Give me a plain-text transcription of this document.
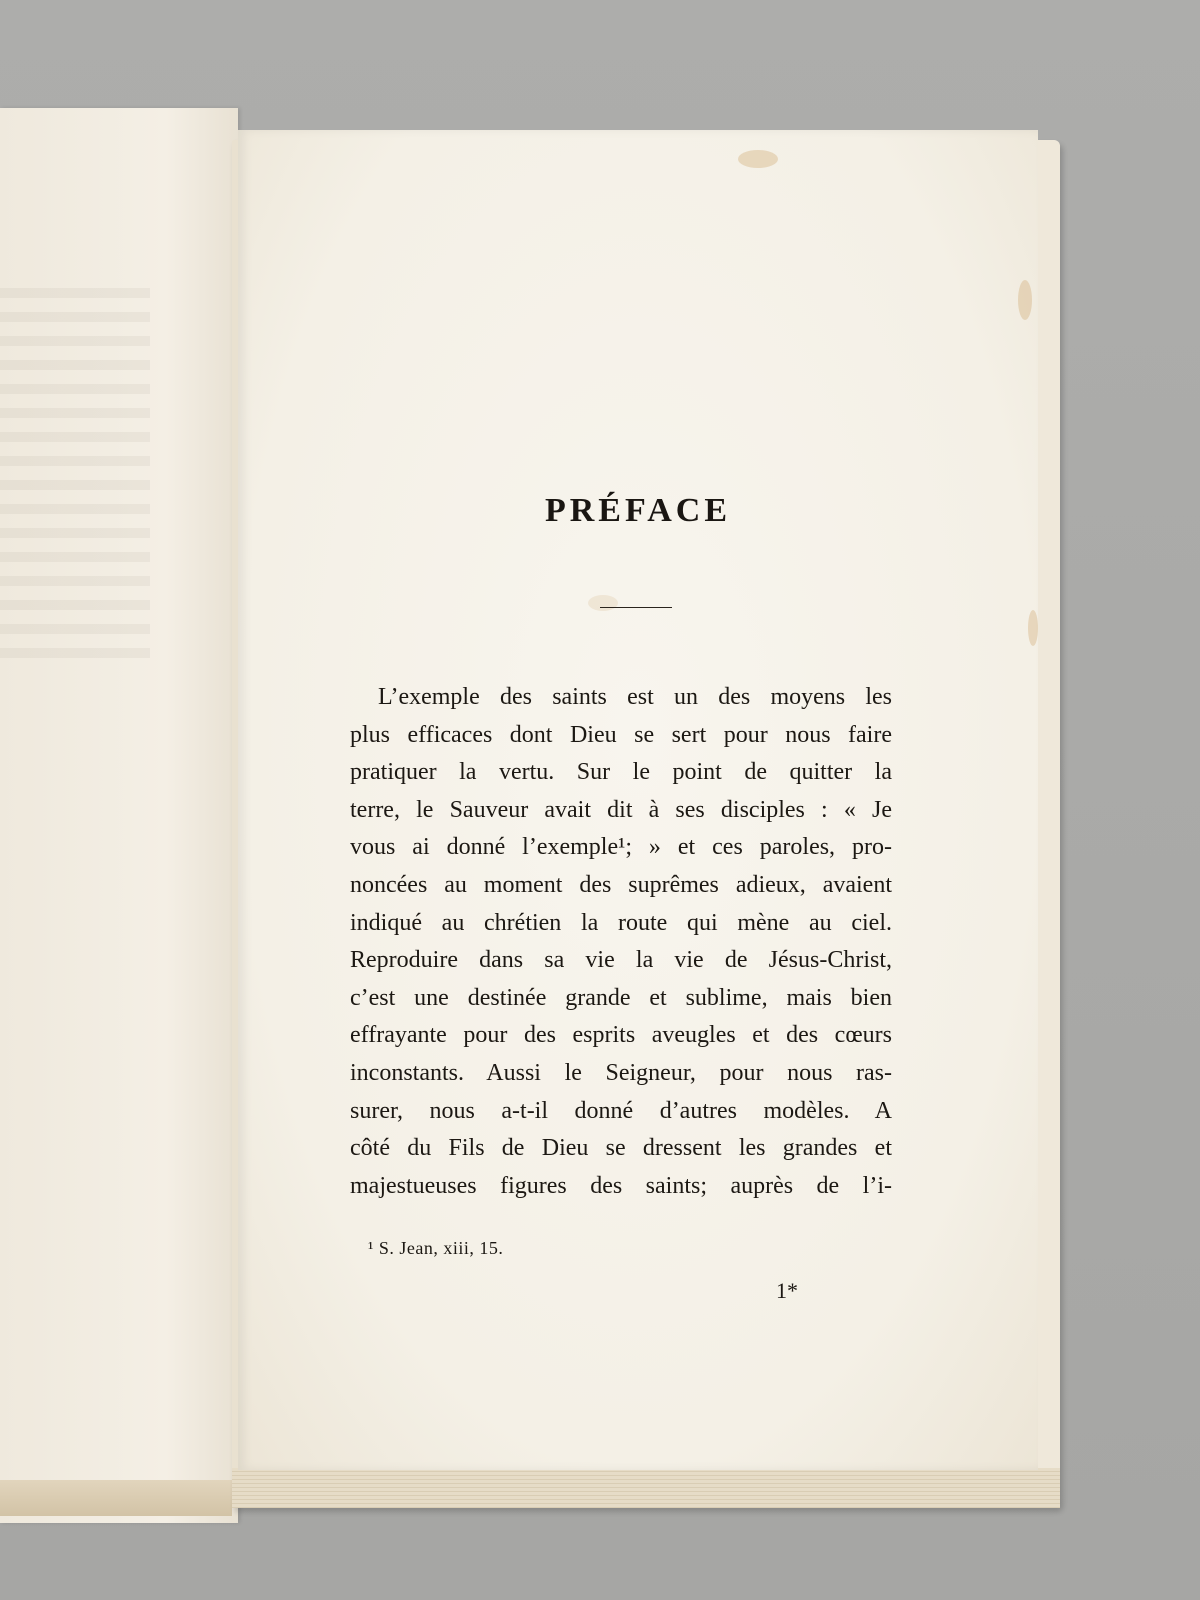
PRÉFACE
L’exemple des saints est un des moyens les
plus efficaces dont Dieu se sert pour nous faire
pratiquer la vertu. Sur le point de quitter la
terre, le Sauveur avait dit à ses disciples : « Je
vous ai donné l’exemple¹; » et ces paroles, pro-
noncées au moment des suprêmes adieux, avaient
indiqué au chrétien la route qui mène au ciel.
Reproduire dans sa vie la vie de Jésus-Christ,
c’est une destinée grande et sublime, mais bien
effrayante pour des esprits aveugles et des cœurs
inconstants. Aussi le Seigneur, pour nous ras-
surer, nous a-t-il donné d’autres modèles. A
côté du Fils de Dieu se dressent les grandes et
majestueuses figures des saints; auprès de l’i-
¹ S. Jean, xiii, 15.
1*
